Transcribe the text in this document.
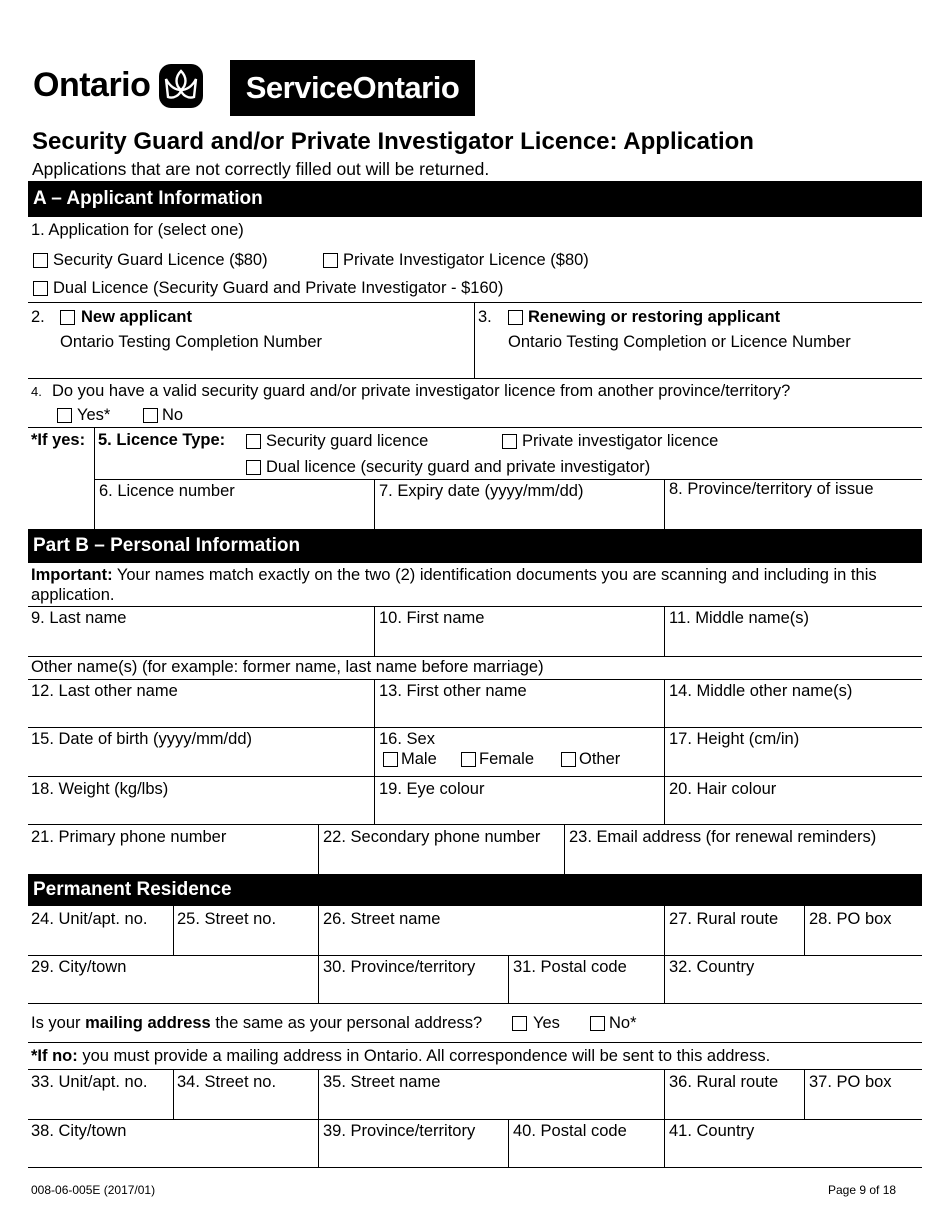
Ontario	ServiceOntario
Security Guard and/or Private Investigator Licence: Application
Applications that are not correctly filled out will be returned.
A – Applicant Information
1. Application for (select one)
Security Guard Licence ($80)	Private Investigator Licence ($80)
Dual Licence (Security Guard and Private Investigator - $160)
2. New applicant
Ontario Testing Completion Number
3. Renewing or restoring applicant
Ontario Testing Completion or Licence Number
4. Do you have a valid security guard and/or private investigator licence from another province/territory?
Yes*	No
*If yes: 5. Licence Type: Security guard licence	Private investigator licence
Dual licence (security guard and private investigator)
6. Licence number	7. Expiry date (yyyy/mm/dd)	8. Province/territory of issue
Part B – Personal Information
Important: Your names match exactly on the two (2) identification documents you are scanning and including in this
application.
9. Last name	10. First name	11. Middle name(s)
Other name(s) (for example: former name, last name before marriage)
12. Last other name	13. First other name	14. Middle other name(s)
15. Date of birth (yyyy/mm/dd)	16. Sex
Male	Female	Other
17. Height (cm/in)
18. Weight (kg/lbs)	19. Eye colour	20. Hair colour
21. Primary phone number	22. Secondary phone number 23. Email address (for renewal reminders)
Permanent Residence
24. Unit/apt. no. 25. Street no.	26. Street name	27. Rural route 28. PO box
29. City/town	30. Province/territory 31. Postal code	32. Country
Is your mailing address the same as your personal address?	Yes	No*
*If no: you must provide a mailing address in Ontario. All correspondence will be sent to this address.
33. Unit/apt. no. 34. Street no.	35. Street name	36. Rural route 37. PO box
38. City/town	39. Province/territory 40. Postal code	41. Country
008-06-005E (2017/01)	Page 9 of 18
